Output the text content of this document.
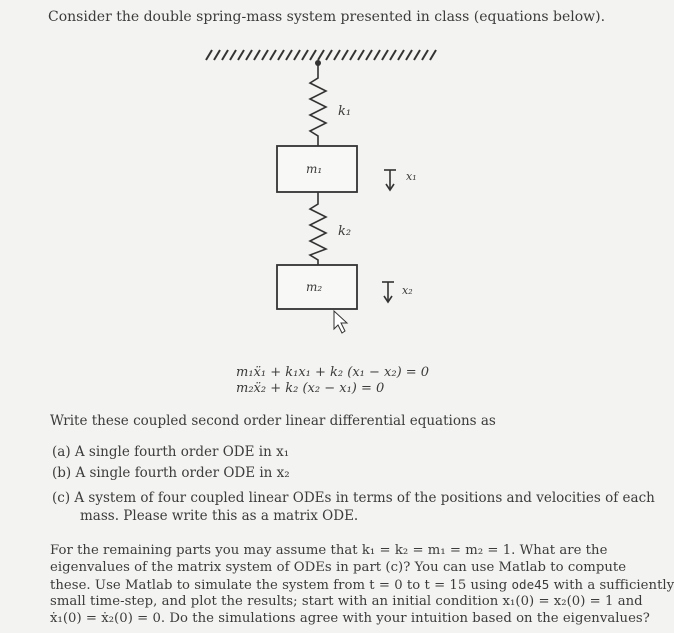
Consider the double spring-mass system presented in class (equations below).
k₁
m₁
x₁
k₂
m₂	x₂
m₁ẍ₁ + k₁x₁ + k₂ (x₁ − x₂) = 0
m₂ẍ₂ + k₂ (x₂ − x₁) = 0
Write these coupled second order linear differential equations as
(a) A single fourth order ODE in x₁
(b) A single fourth order ODE in x₂
(c) A system of four coupled linear ODEs in terms of the positions and velocities of each
mass. Please write this as a matrix ODE.
For the remaining parts you may assume that k₁ = k₂ = m₁ = m₂ = 1. What are the
eigenvalues of the matrix system of ODEs in part (c)? You can use Matlab to compute
these. Use Matlab to simulate the system from t = 0 to t = 15 using ode45 with a sufficiently
small time-step, and plot the results; start with an initial condition x₁(0) = x₂(0) = 1 and
ẋ₁(0) = ẋ₂(0) = 0. Do the simulations agree with your intuition based on the eigenvalues?
